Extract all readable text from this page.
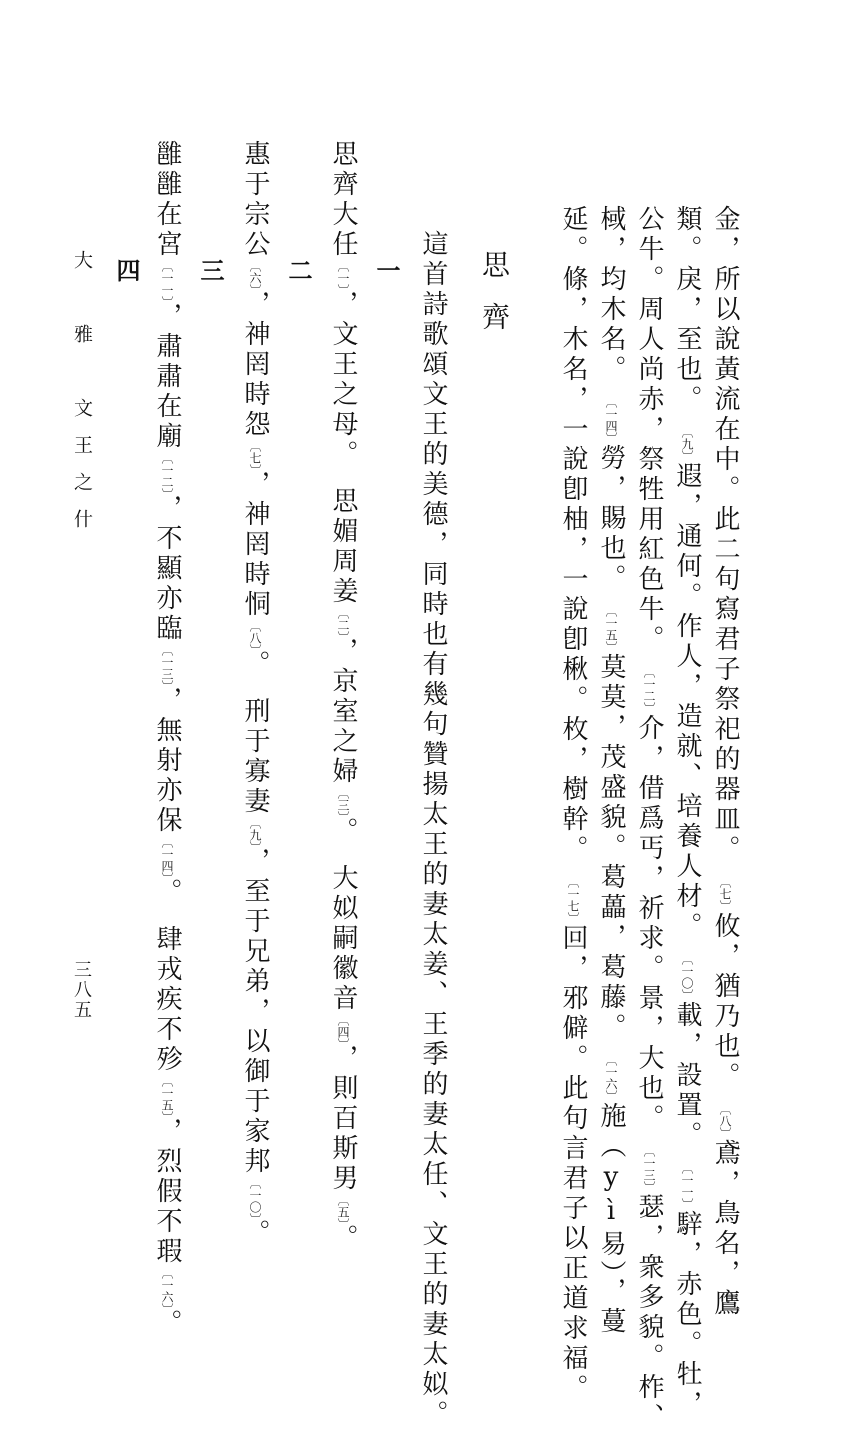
金，所以說黃流在中。此二句寫君子祭祀的器皿。　〔七〕攸，猶乃也。　〔八〕鳶，鳥名，鷹
類。戾，至也。　〔九〕遐，通何。作人，造就、培養人材。　〔一〇〕載，設置。　〔一一〕騂，赤色。牡，
公牛。周人尚赤，祭牲用紅色牛。　〔一二〕介，借爲丐，祈求。景，大也。　〔一三〕瑟，衆多貌。柞、
棫，均木名。　〔一四〕勞，賜也。　〔一五〕莫莫，茂盛貌。葛藟，葛藤。　〔一六〕施（yì易），蔓
延。條，木名，一說卽柚，一說卽楸。枚，樹幹。　〔一七〕回，邪僻。此句言君子以正道求福。
思齊
這首詩歌頌文王的美德，同時也有幾句贊揚太王的妻太姜、王季的妻太任、文王的妻太姒。
一
思齊大任〔一〕，文王之母。　思媚周姜〔二〕，京室之婦〔三〕。　大姒嗣徽音〔四〕，則百斯男〔五〕。
二
惠于宗公〔六〕，神罔時怨〔七〕，神罔時恫〔八〕。　刑于寡妻〔九〕，至于兄弟，以御于家邦〔一〇〕。
三
雝雝在宮〔一一〕，肅肅在廟〔一二〕，不顯亦臨〔一三〕，無射亦保〔一四〕。　肆戎疾不殄〔一五〕，烈假不瑕〔一六〕。
四
大　雅　文王之什
三八五
